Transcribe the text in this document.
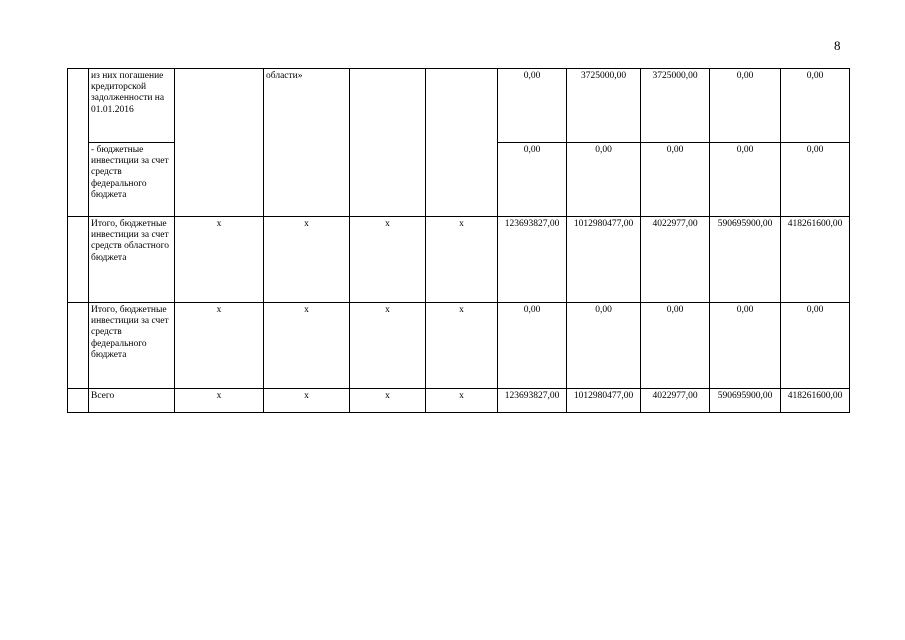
8
	из них погашение кредиторской задолженности на 01.01.2016		области»			0,00	3725000,00	3725000,00	0,00	0,00
	- бюджетные инвестиции за счет средств федерального бюджета					0,00	0,00	0,00	0,00	0,00
	Итого, бюджетные инвестиции за счет средств областного бюджета	х	х	х	х	123693827,00	1012980477,00	4022977,00	590695900,00	418261600,00
	Итого, бюджетные инвестиции за счет средств федерального бюджета	х	х	х	х	0,00	0,00	0,00	0,00	0,00
	Всего	х	х	х	х	123693827,00	1012980477,00	4022977,00	590695900,00	418261600,00
